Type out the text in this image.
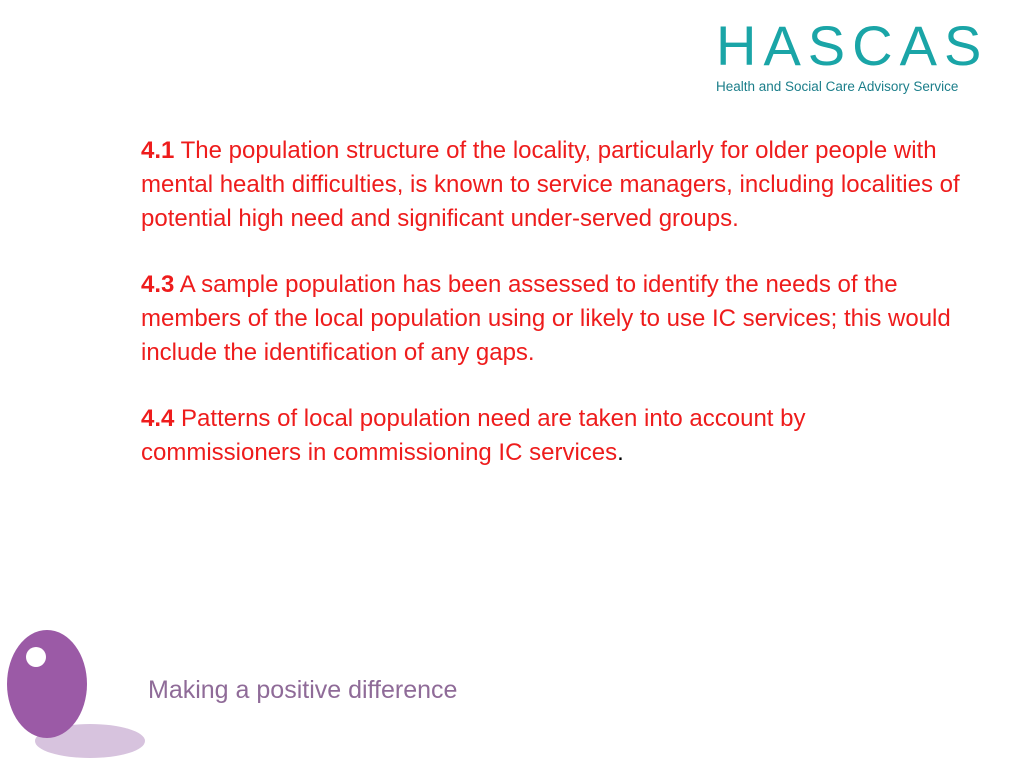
HASCAS
Health and Social Care Advisory Service

4.1 The population structure of the locality, particularly for older people with mental health difficulties, is known to service managers, including localities of potential high need and significant under-served groups.

4.3 A sample population has been assessed to identify the needs of the members of the local population using or likely to use IC services; this would include the identification of any gaps.

4.4 Patterns of local population need are taken into account by commissioners in commissioning IC services.

Making a positive difference
